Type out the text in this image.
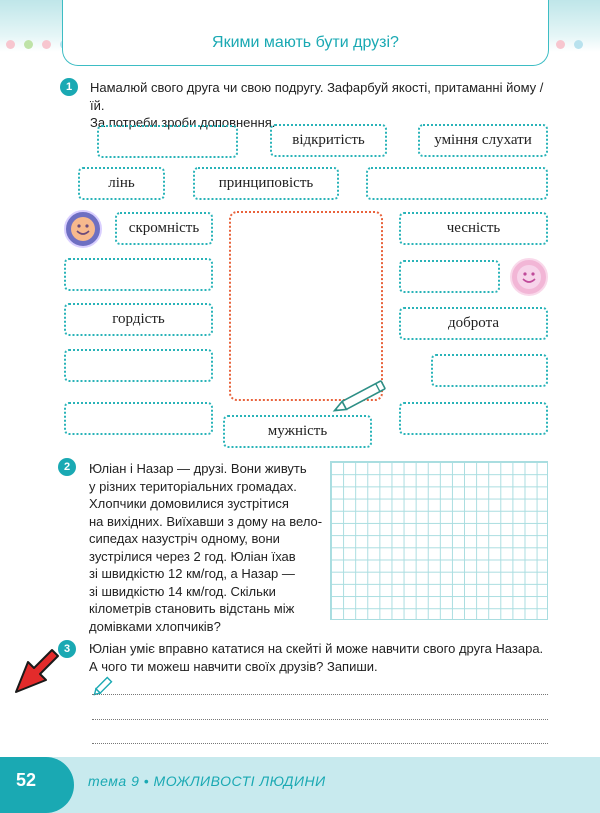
Якими мають бути друзі?
1	Намалюй свого друга чи свою подругу. Зафарбуй якості, притаманні йому / їй.
За потреби зроби доповнення.
відкритість	уміння слухати
лінь	принциповість
скромність	чесність
гордість	доброта
мужність
2	Юліан і Назар — друзі. Вони живуть
у різних територіальних громадах.
Хлопчики домовилися зустрітися
на вихідних. Виїхавши з дому на вело-
сипедах назустріч одному, вони
зустрілися через 2 год. Юліан їхав
зі швидкістю 12 км/год, а Назар —
зі швидкістю 14 км/год. Скільки
кілометрів становить відстань між
домівками хлопчиків?
3	Юліан уміє вправно кататися на скейті й може навчити свого друга Назара.
А чого ти можеш навчити своїх друзів? Запиши.
52	тема 9 • МОЖЛИВОСТІ ЛЮДИНИ
